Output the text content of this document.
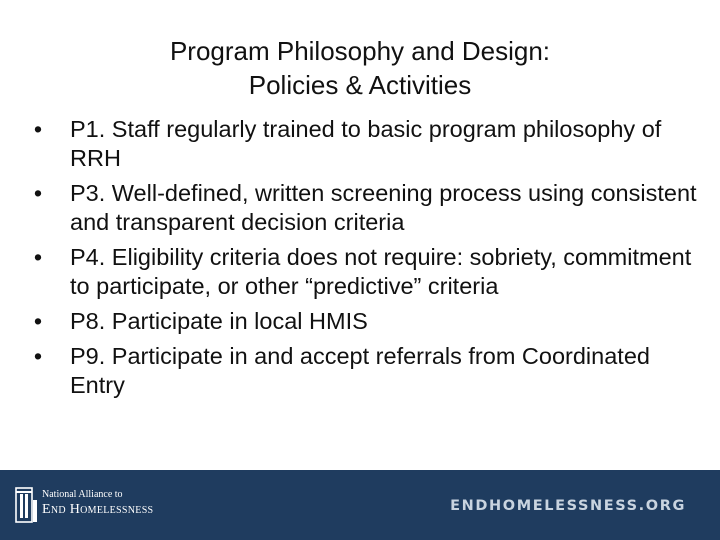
Program Philosophy and Design:
Policies & Activities
• P1. Staff regularly trained to basic program philosophy of RRH
• P3. Well-defined, written screening process using consistent and transparent decision criteria
• P4. Eligibility criteria does not require: sobriety, commitment to participate, or other “predictive” criteria
• P8. Participate in local HMIS
• P9. Participate in and accept referrals from Coordinated Entry
National Alliance to
End Homelessness	ENDHOMELESSNESS.ORG
